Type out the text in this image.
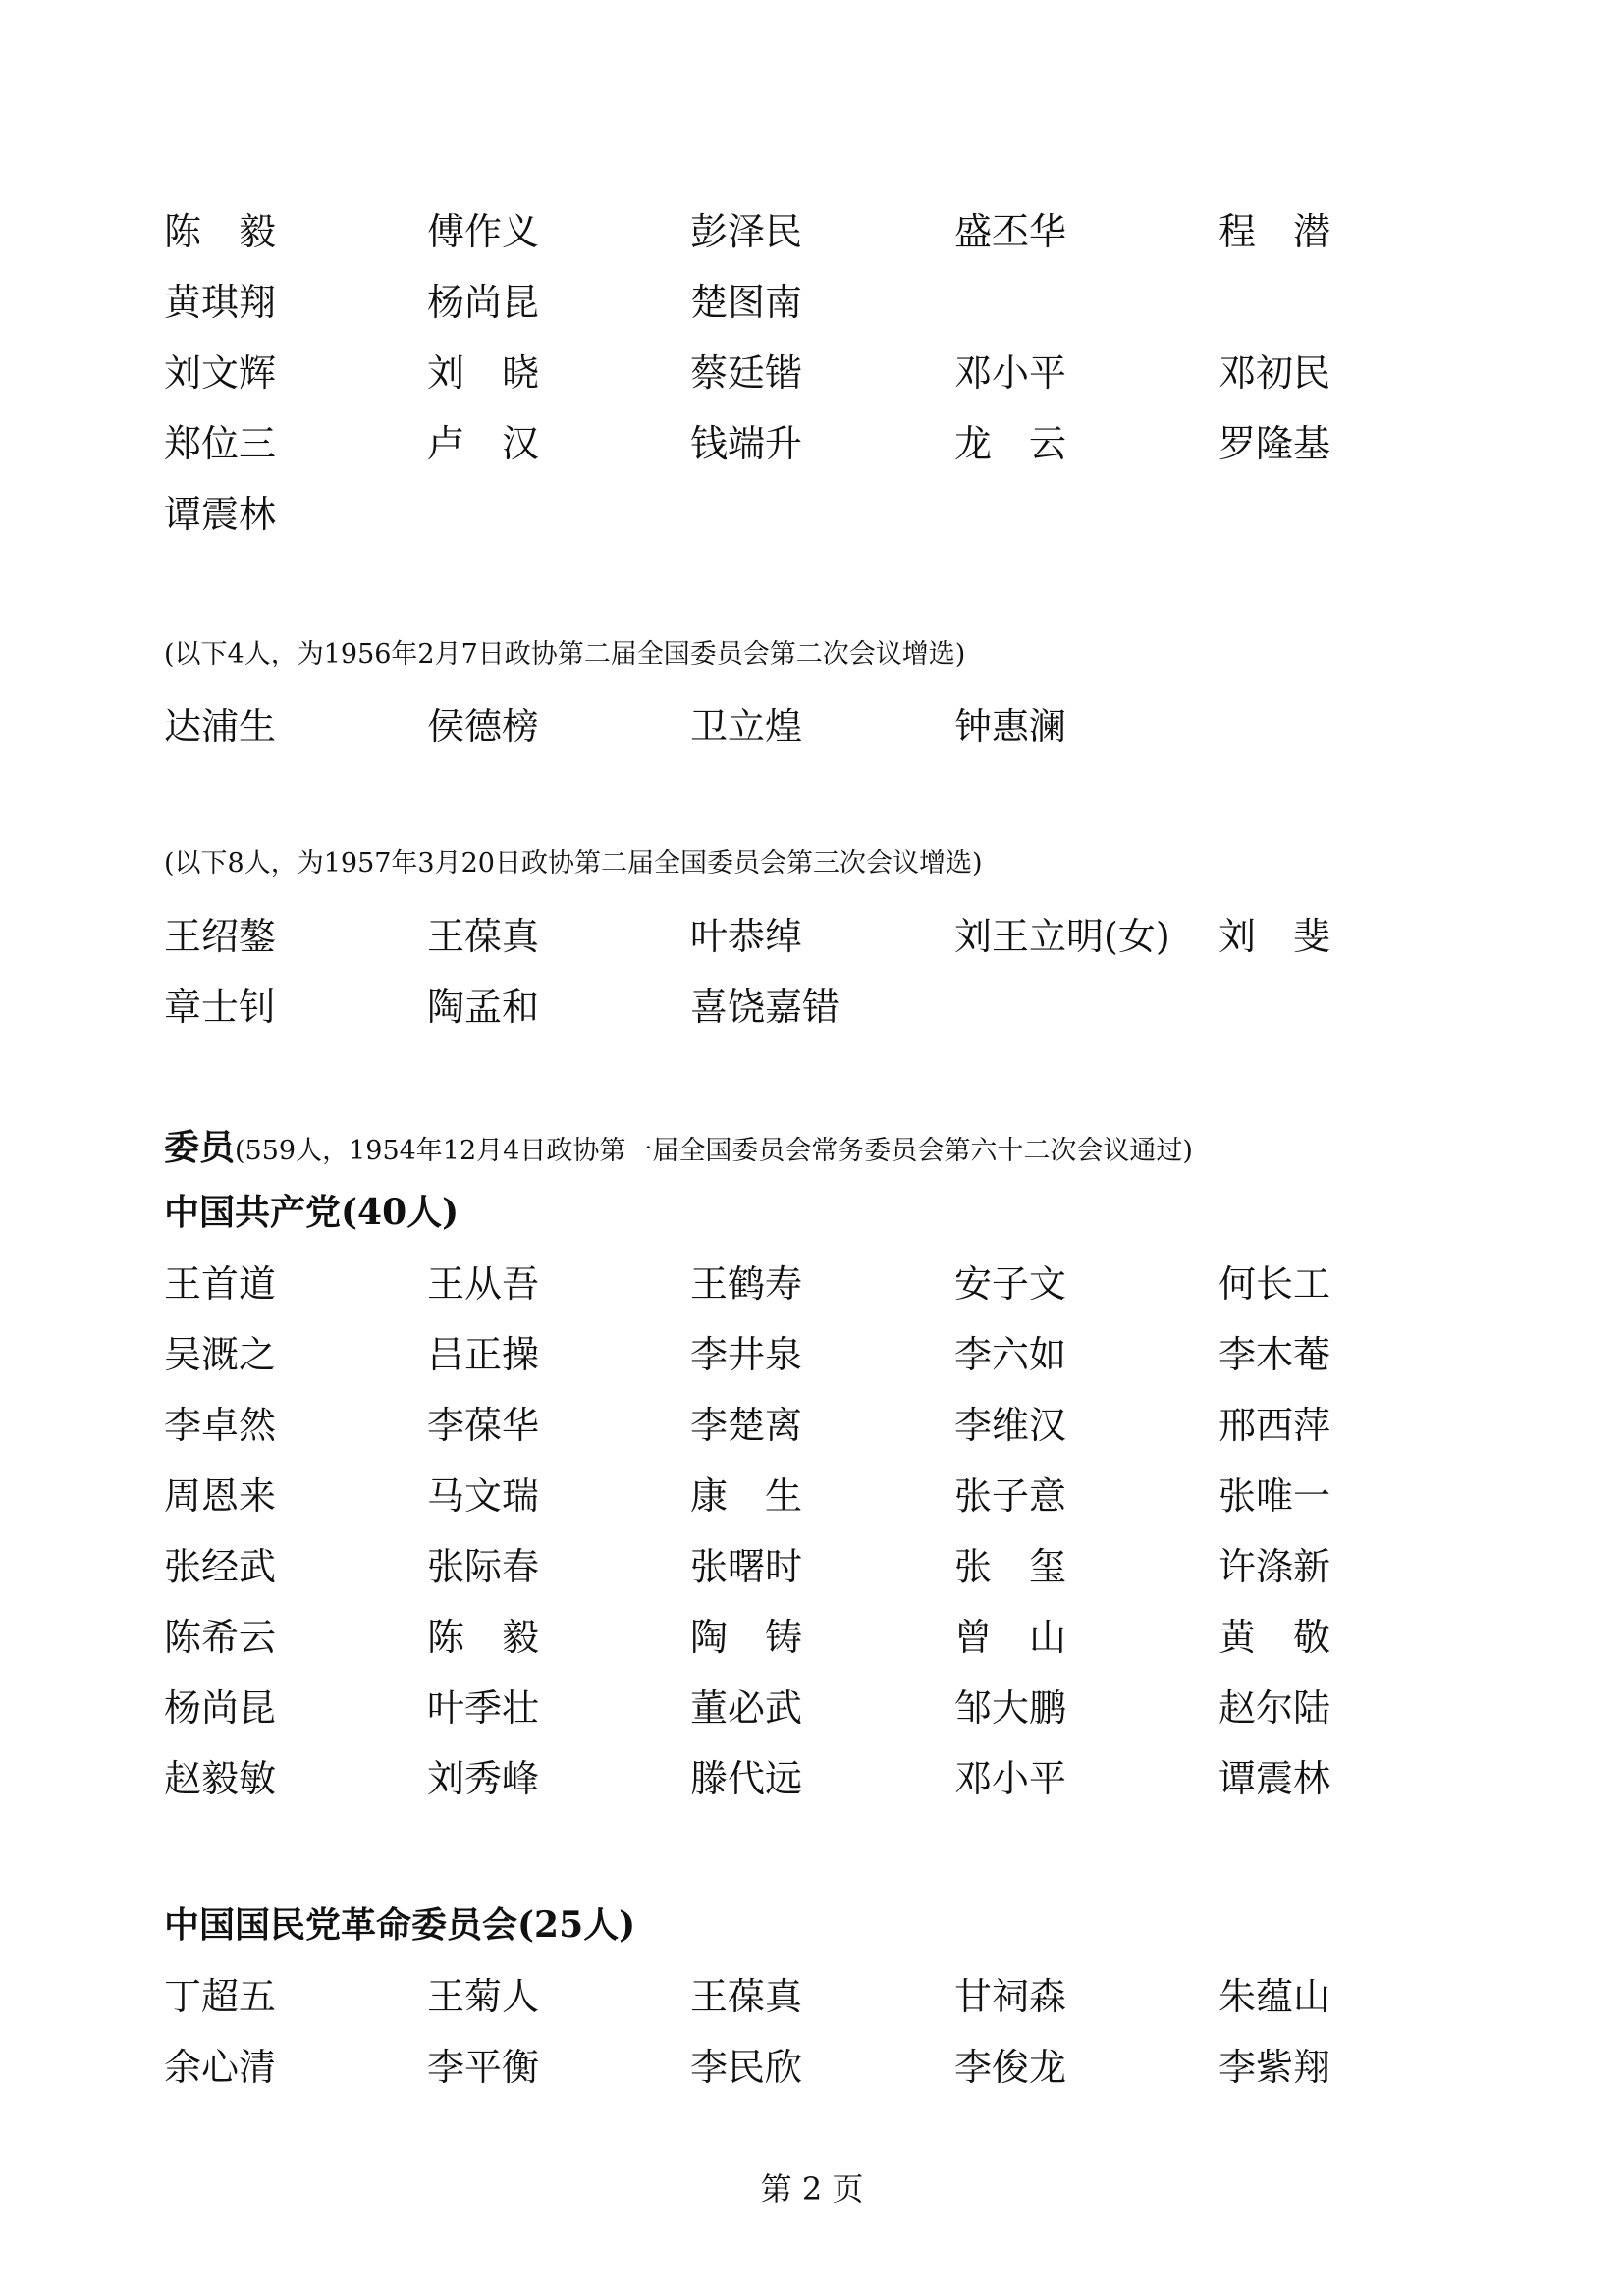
陈　毅	傅作义	彭泽民	盛丕华	程　潜
黄琪翔	杨尚昆	楚图南
刘文辉	刘　晓	蔡廷锴	邓小平	邓初民
郑位三	卢　汉	钱端升	龙　云	罗隆基
谭震林
(以下4人，为1956年2月7日政协第二届全国委员会第二次会议增选)
达浦生	侯德榜	卫立煌	钟惠澜
(以下8人，为1957年3月20日政协第二届全国委员会第三次会议增选)
王绍鏊	王葆真	叶恭绰	刘王立明(女) 刘　斐
章士钊	陶孟和	喜饶嘉错
委员(559人，1954年12月4日政协第一届全国委员会常务委员会第六十二次会议通过)
中国共产党(40人)
王首道	王从吾	王鹤寿	安子文	何长工
吴溉之	吕正操	李井泉	李六如	李木菴
李卓然	李葆华	李楚离	李维汉	邢西萍
周恩来	马文瑞	康　生	张子意	张唯一
张经武	张际春	张曙时	张　玺	许涤新
陈希云	陈　毅	陶　铸	曾　山	黄　敬
杨尚昆	叶季壮	董必武	邹大鹏	赵尔陆
赵毅敏	刘秀峰	滕代远	邓小平	谭震林
中国国民党革命委员会(25人)
丁超五	王菊人	王葆真	甘祠森	朱蕴山
余心清	李平衡	李民欣	李俊龙	李紫翔
第 2 页
